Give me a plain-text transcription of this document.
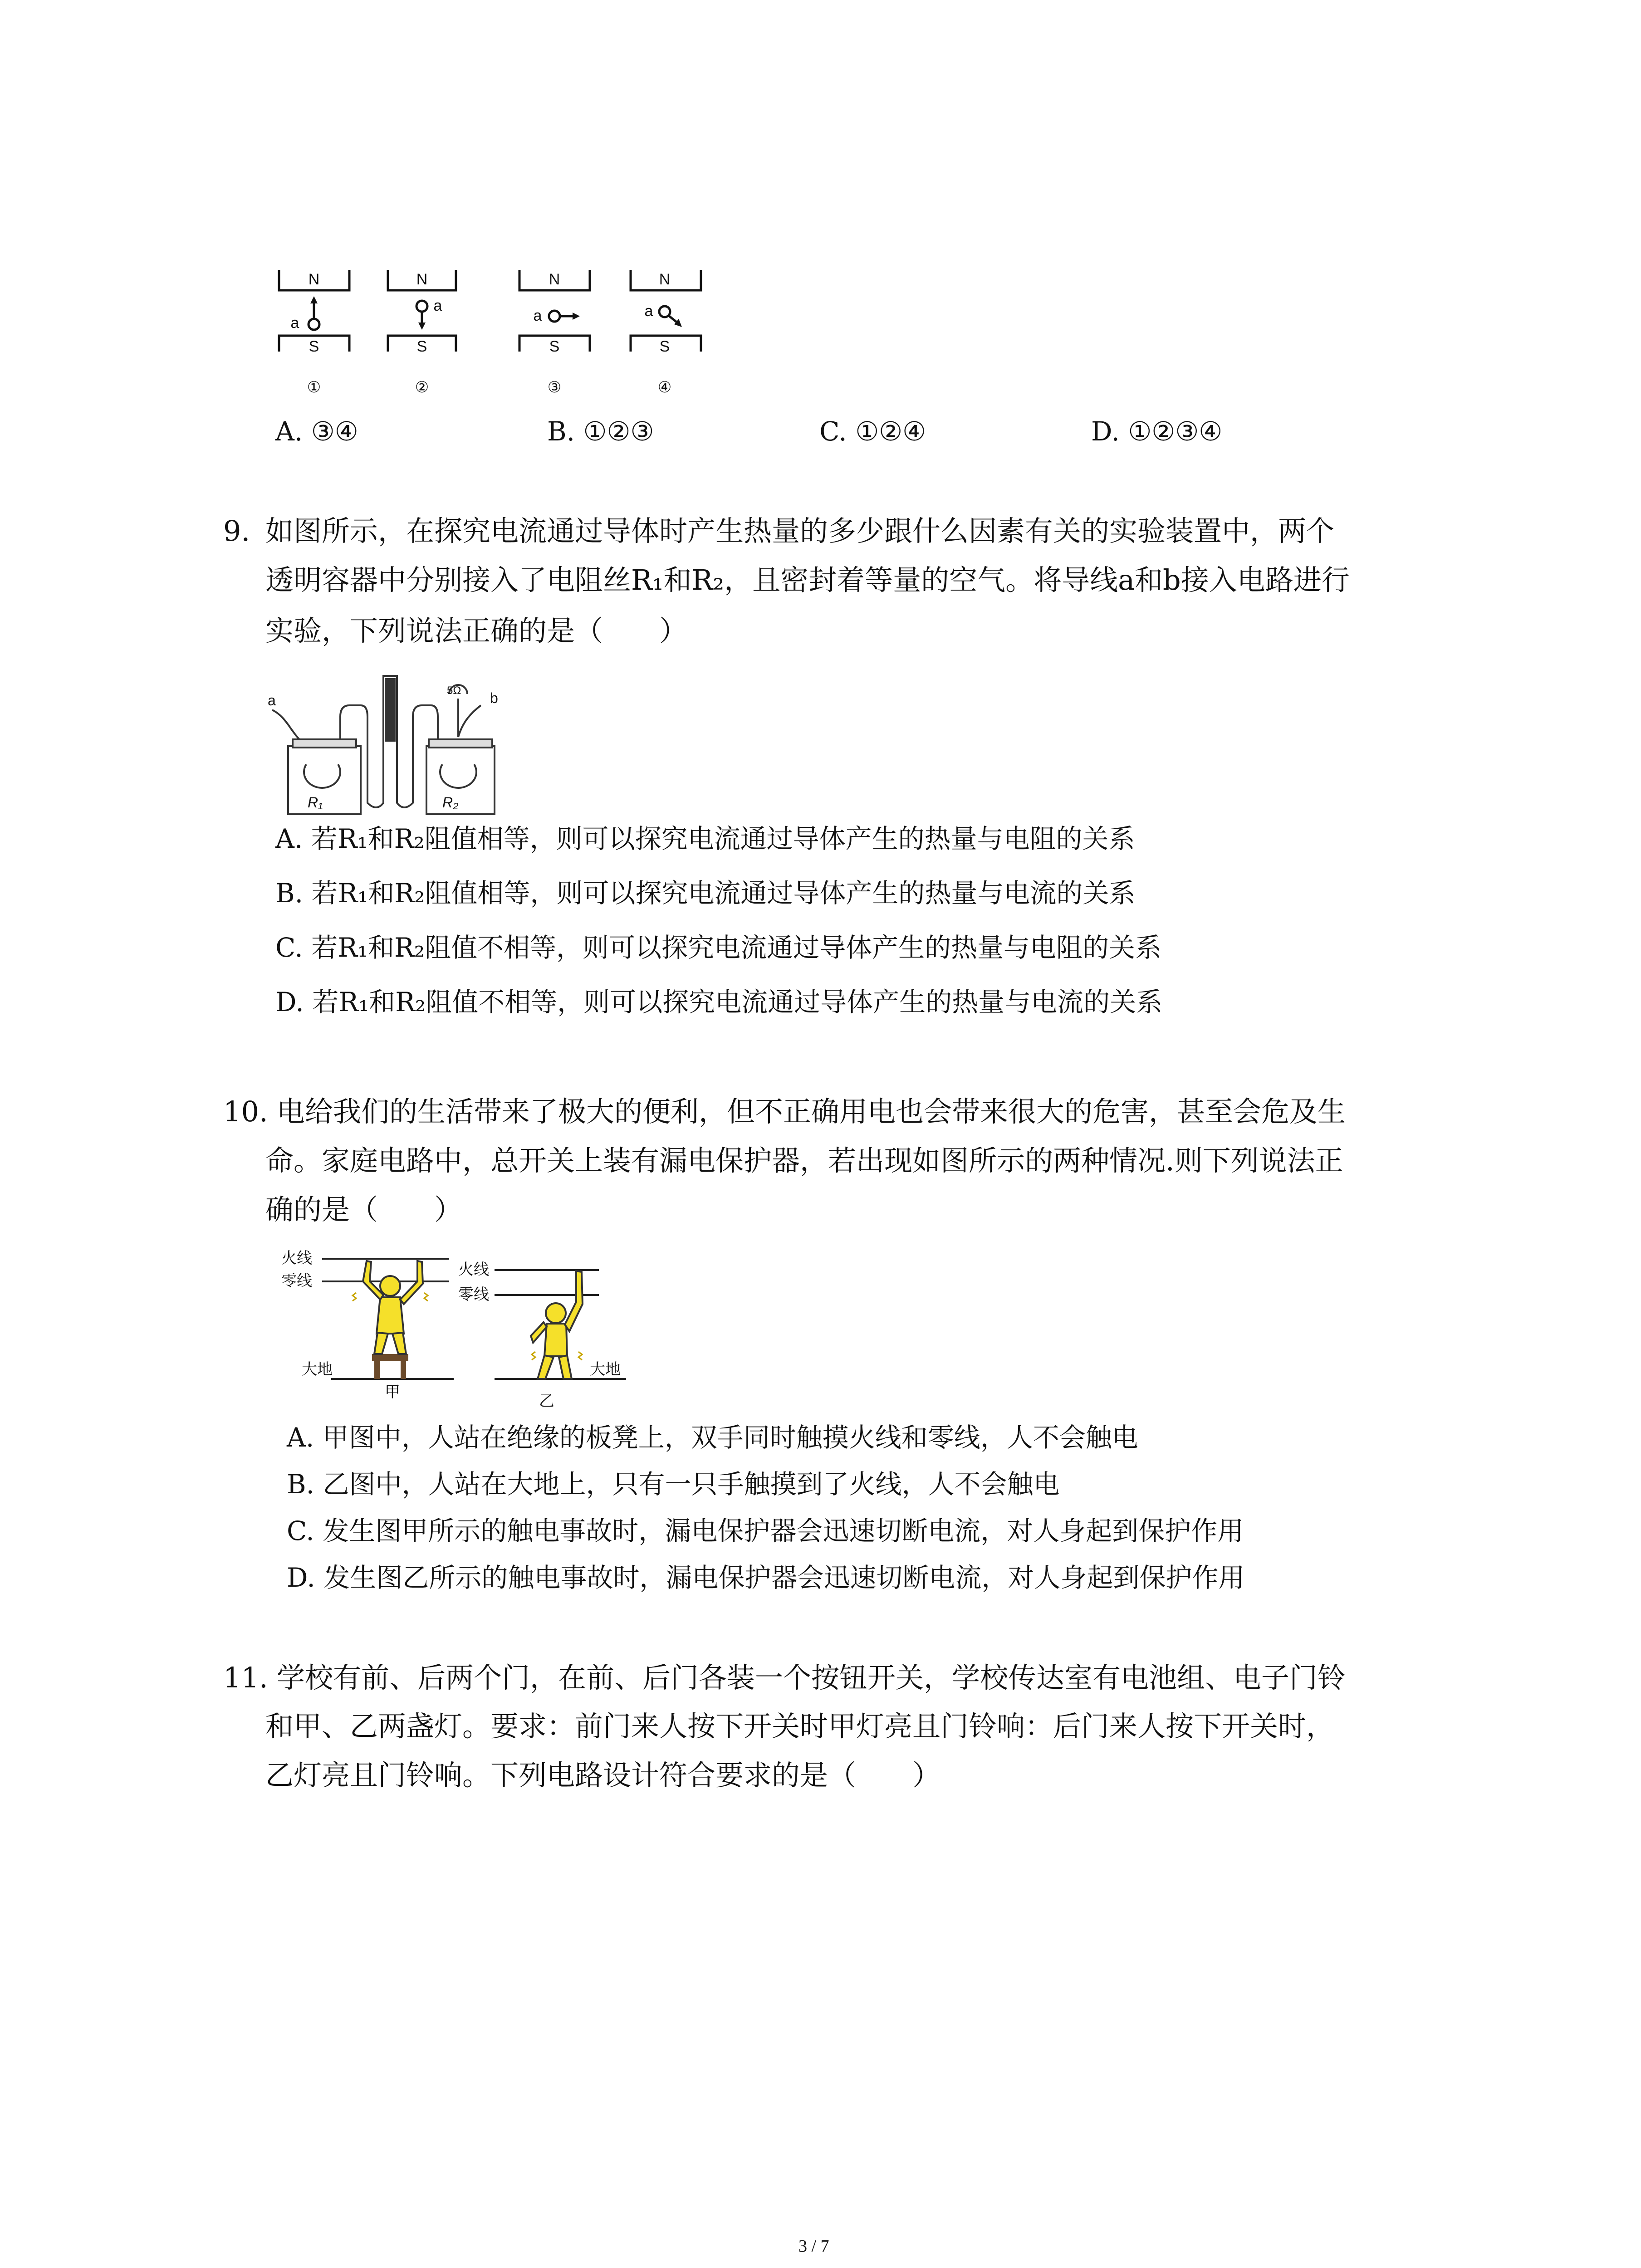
N
S
a
①
N
S
a
②
N
S
a
③
N
S
a
④
A. ③④	B. ①②③	C. ①②④	D. ①②③④
9. 如图所示，在探究电流通过导体时产生热量的多少跟什么因素有关的实验装置中，两个
透明容器中分别接入了电阻丝R₁和R₂，且密封着等量的空气。将导线a和b接入电路进行
实验，下列说法正确的是（　　）
a	b
5Ω
R₁	R₂
A. 若R₁和R₂阻值相等，则可以探究电流通过导体产生的热量与电阻的关系
B. 若R₁和R₂阻值相等，则可以探究电流通过导体产生的热量与电流的关系
C. 若R₁和R₂阻值不相等，则可以探究电流通过导体产生的热量与电阻的关系
D. 若R₁和R₂阻值不相等，则可以探究电流通过导体产生的热量与电流的关系
10. 电给我们的生活带来了极大的便利，但不正确用电也会带来很大的危害，甚至会危及生
命。家庭电路中，总开关上装有漏电保护器，若出现如图所示的两种情况.则下列说法正
确的是（　　）
火线
零线
大地
甲
火线
零线
大地
乙
A. 甲图中，人站在绝缘的板凳上，双手同时触摸火线和零线，人不会触电
B. 乙图中，人站在大地上，只有一只手触摸到了火线，人不会触电
C. 发生图甲所示的触电事故时，漏电保护器会迅速切断电流，对人身起到保护作用
D. 发生图乙所示的触电事故时，漏电保护器会迅速切断电流，对人身起到保护作用
11. 学校有前、后两个门，在前、后门各装一个按钮开关，学校传达室有电池组、电子门铃
和甲、乙两盏灯。要求：前门来人按下开关时甲灯亮且门铃响：后门来人按下开关时，
乙灯亮且门铃响。下列电路设计符合要求的是（　　）
3 / 7
